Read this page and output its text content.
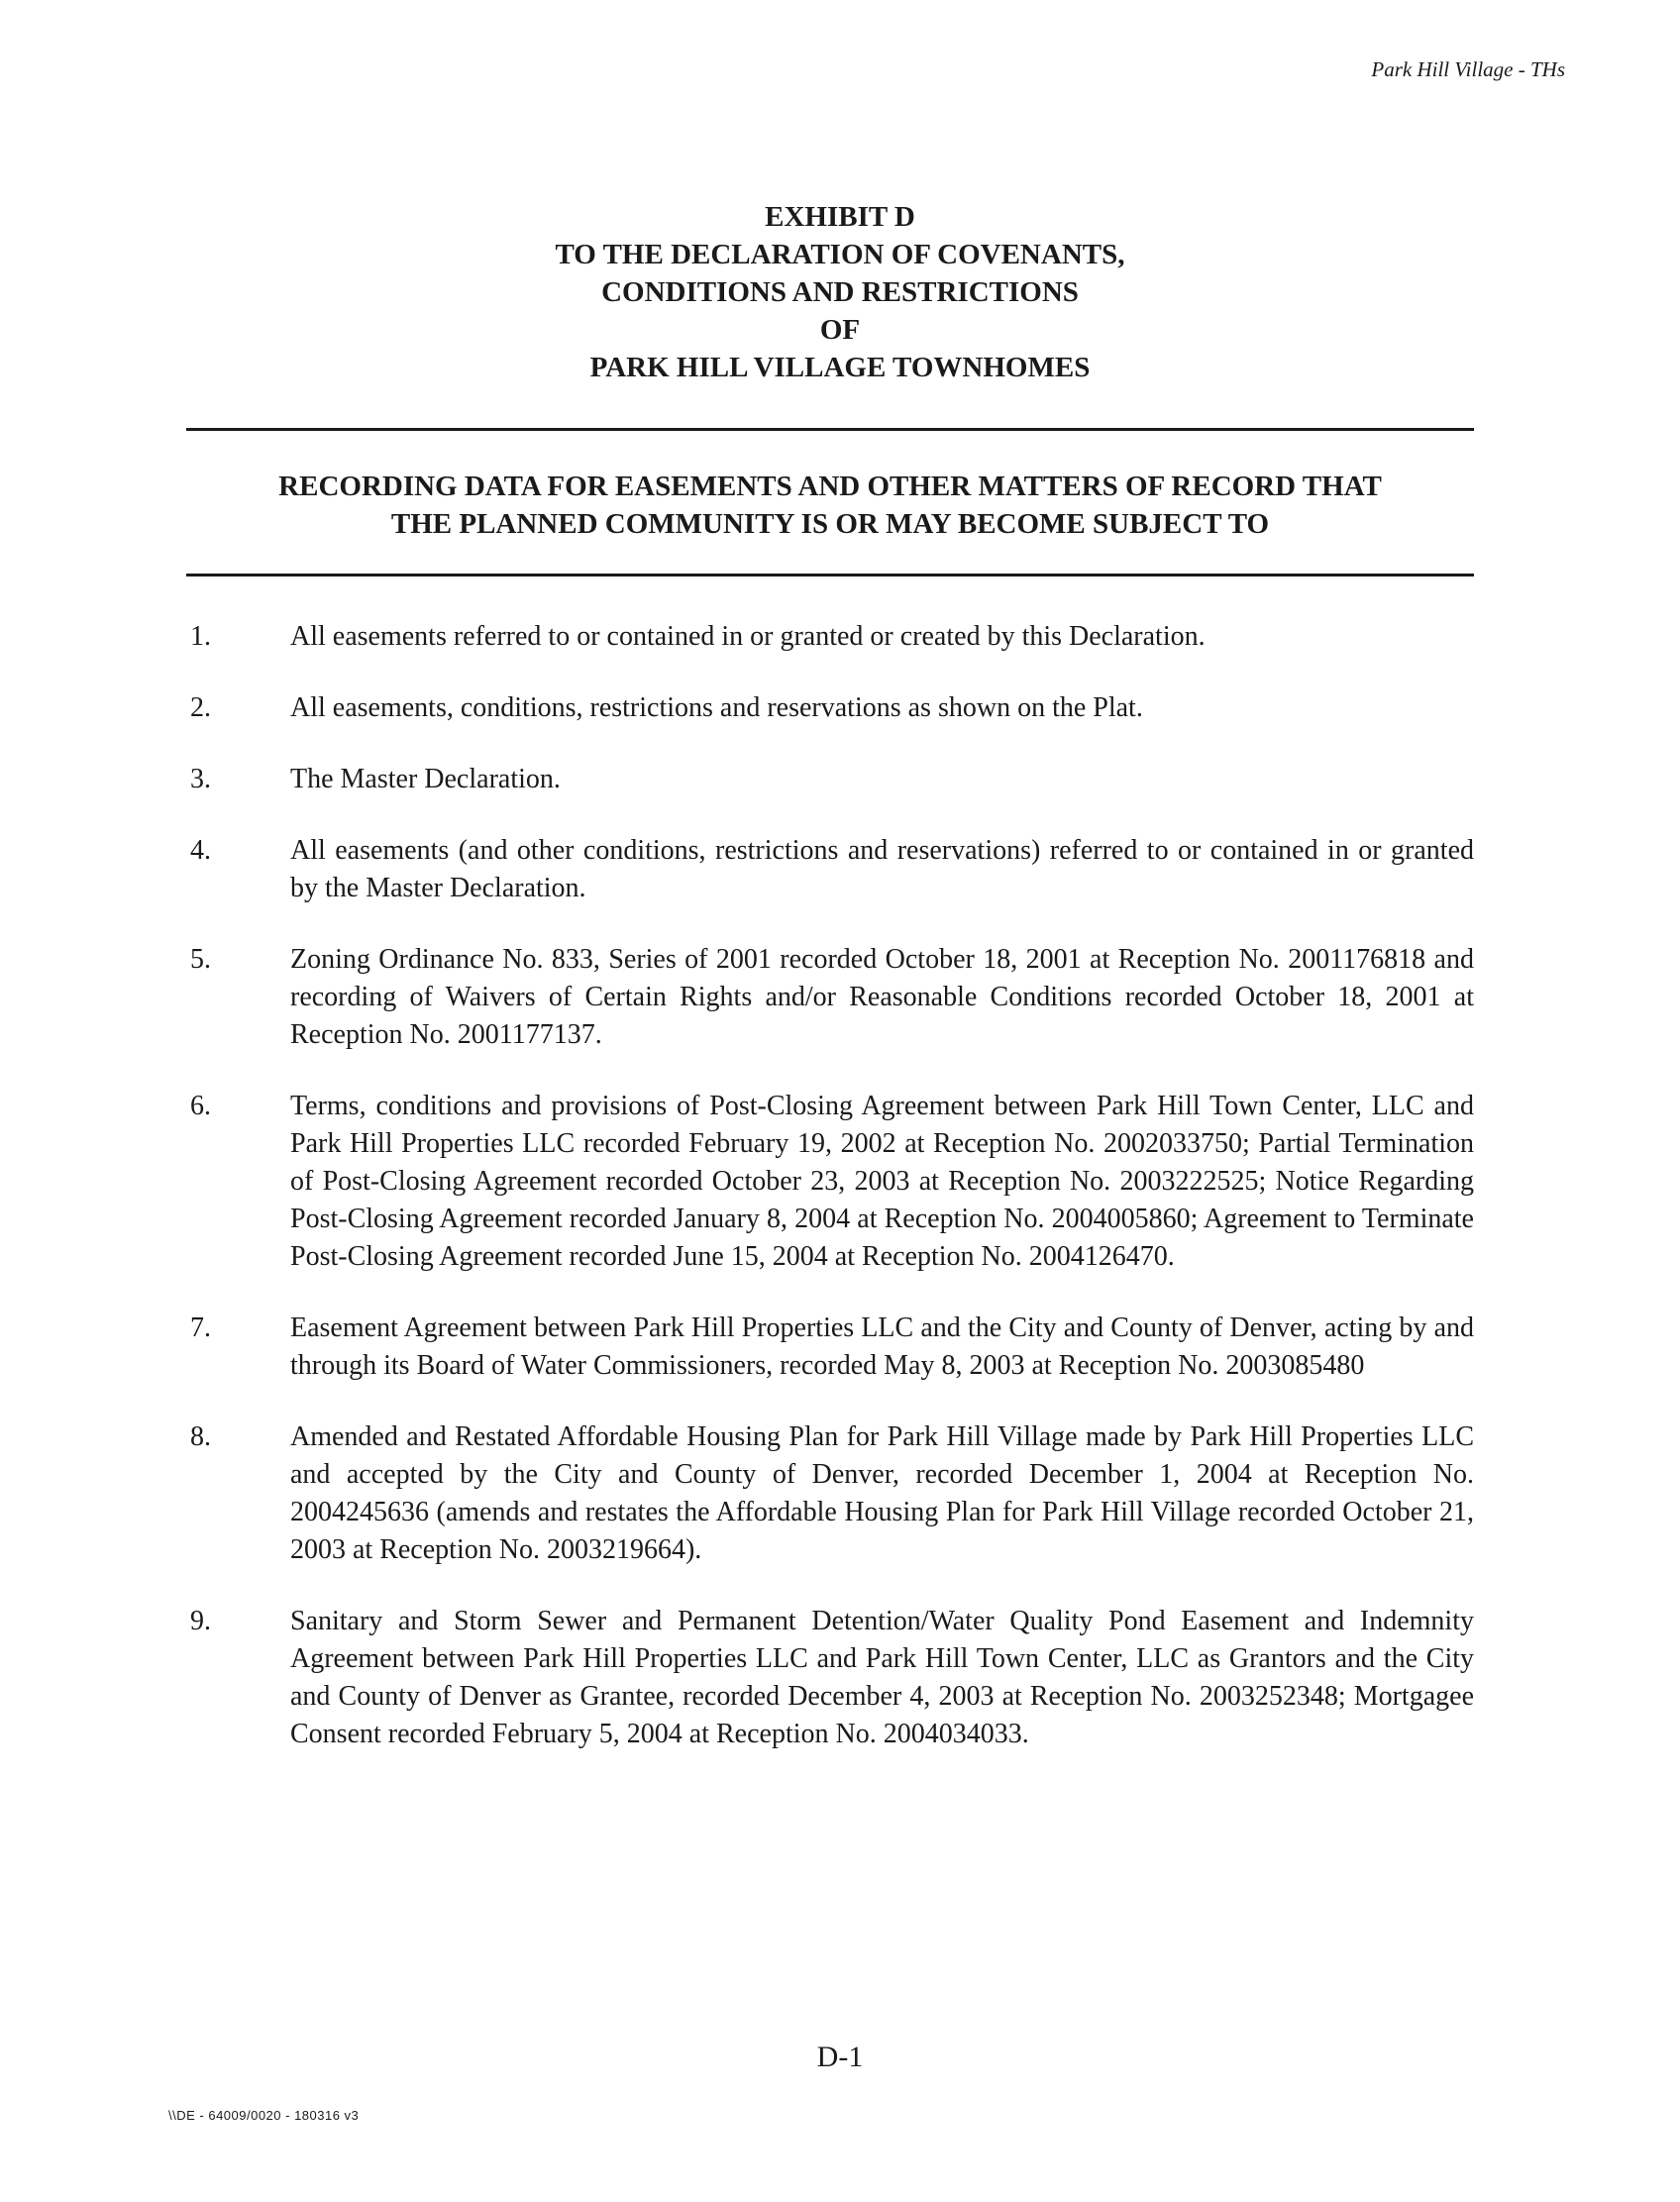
Park Hill Village - THs
EXHIBIT D
TO THE DECLARATION OF COVENANTS,
CONDITIONS AND RESTRICTIONS
OF
PARK HILL VILLAGE TOWNHOMES
RECORDING DATA FOR EASEMENTS AND OTHER MATTERS OF RECORD THAT
THE PLANNED COMMUNITY IS OR MAY BECOME SUBJECT TO
1.	All easements referred to or contained in or granted or created by this Declaration.
2.	All easements, conditions, restrictions and reservations as shown on the Plat.
3.	The Master Declaration.
4.	All easements (and other conditions, restrictions and reservations) referred to or contained in or granted by the Master Declaration.
5.	Zoning Ordinance No. 833, Series of 2001 recorded October 18, 2001 at Reception No. 2001176818 and recording of Waivers of Certain Rights and/or Reasonable Conditions recorded October 18, 2001 at Reception No. 2001177137.
6.	Terms, conditions and provisions of Post-Closing Agreement between Park Hill Town Center, LLC and Park Hill Properties LLC recorded February 19, 2002 at Reception No. 2002033750; Partial Termination of Post-Closing Agreement recorded October 23, 2003 at Reception No. 2003222525; Notice Regarding Post-Closing Agreement recorded January 8, 2004 at Reception No. 2004005860; Agreement to Terminate Post-Closing Agreement recorded June 15, 2004 at Reception No. 2004126470.
7.	Easement Agreement between Park Hill Properties LLC and the City and County of Denver, acting by and through its Board of Water Commissioners, recorded May 8, 2003 at Reception No. 2003085480
8.	Amended and Restated Affordable Housing Plan for Park Hill Village made by Park Hill Properties LLC and accepted by the City and County of Denver, recorded December 1, 2004 at Reception No. 2004245636 (amends and restates the Affordable Housing Plan for Park Hill Village recorded October 21, 2003 at Reception No. 2003219664).
9.	Sanitary and Storm Sewer and Permanent Detention/Water Quality Pond Easement and Indemnity Agreement between Park Hill Properties LLC and Park Hill Town Center, LLC as Grantors and the City and County of Denver as Grantee, recorded December 4, 2003 at Reception No. 2003252348; Mortgagee Consent recorded February 5, 2004 at Reception No. 2004034033.
D-1
\\DE - 64009/0020 - 180316 v3
